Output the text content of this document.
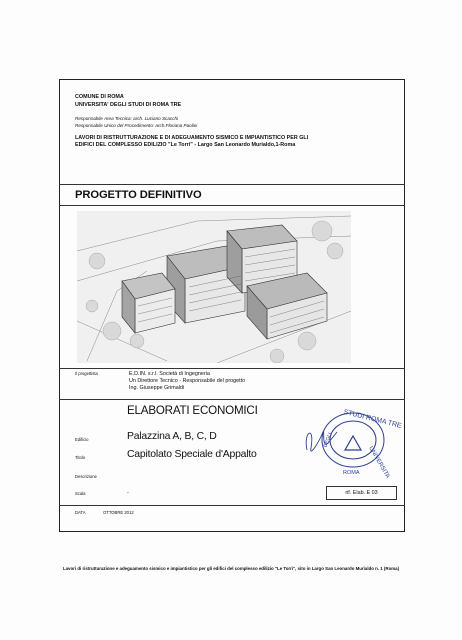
COMUNE DI ROMA
UNIVERSITA' DEGLI STUDI DI ROMA TRE
Responsabile Area Tecnica: arch. Luciano Scacchi
Responsabile Unico del Procedimento: arch.Floriana Paolini
LAVORI DI RISTRUTTURAZIONE E DI ADEGUAMENTO SISMICO E IMPIANTISTICO PER GLI
EDIFICI DEL COMPLESSO EDILIZIO "Le Torri" - Largo San Leonardo Murialdo,1-Roma
PROGETTO DEFINITIVO
Il progettista	E.D.IN. s.r.l. Società di Ingegneria
Un Direttore Tecnico - Responsabile del progetto
Ing. Giuseppe Grimaldi
ELABORATI ECONOMICI
Edificio	Palazzina A, B, C, D
Titolo	Capitolato Speciale d'Appalto
Descrizione
Scala	-	rif. Elab. E 03
DATA	OTTOBRE 2012
STUDI ROMA TRE
UNIVERSITA
DEGLI
ROMA
Lavori di ristrutturazione e adeguamento sismico e impiantistico per gli edifici del complesso edilizio "Le Torri", sito in Largo San Leonardo Murialdo n. 1 (Roma)
